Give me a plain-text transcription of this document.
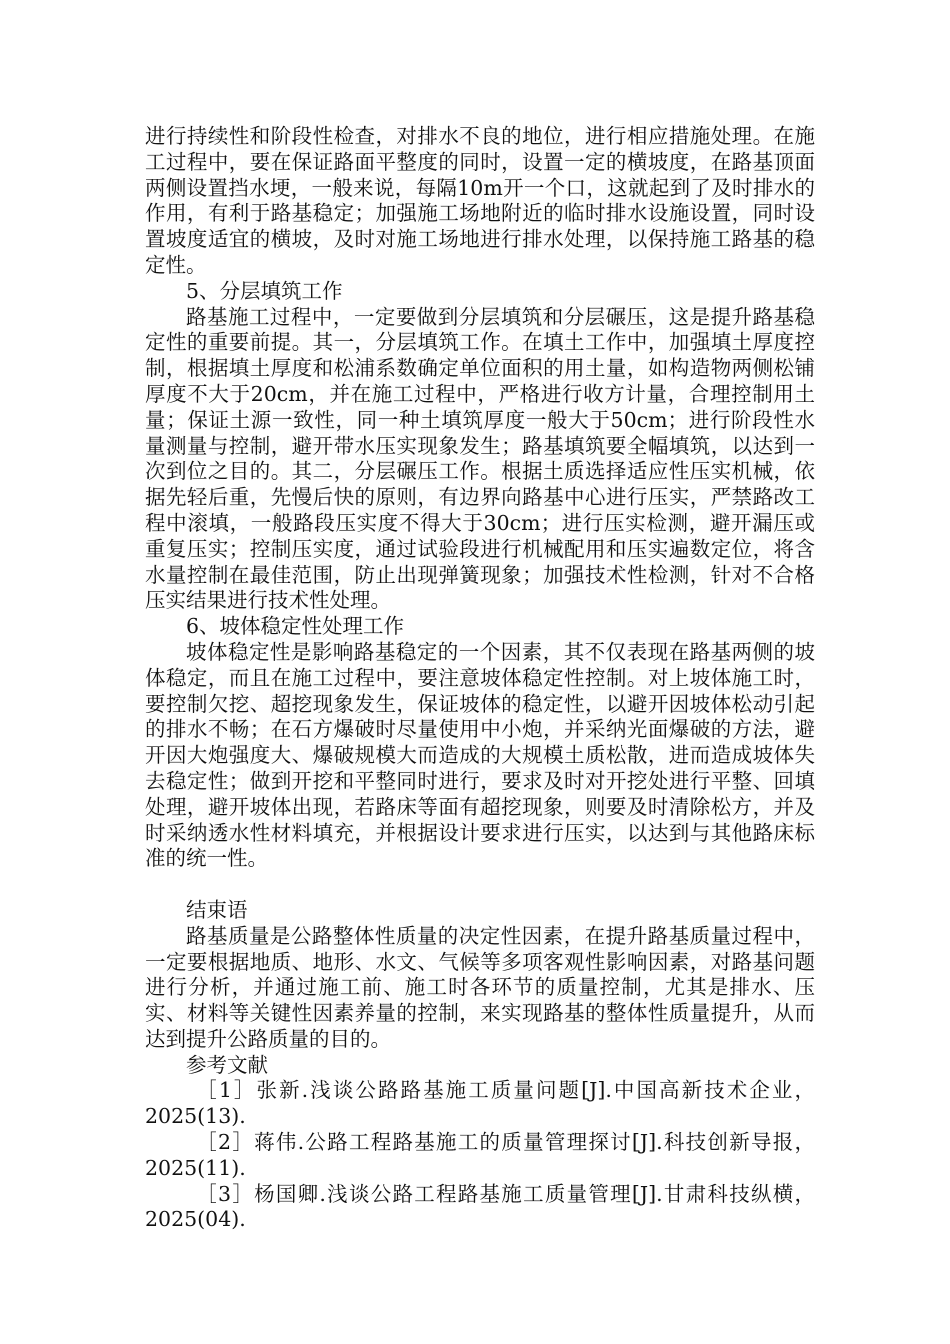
进行持续性和阶段性检查，对排水不良的地位，进行相应措施处理。在施工过程中，要在保证路面平整度的同时，设置一定的横坡度，在路基顶面两侧设置挡水埂，一般来说，每隔10m开一个口，这就起到了及时排水的作用，有利于路基稳定；加强施工场地附近的临时排水设施设置，同时设置坡度适宜的横坡，及时对施工场地进行排水处理，以保持施工路基的稳定性。

5、分层填筑工作

路基施工过程中，一定要做到分层填筑和分层碾压，这是提升路基稳定性的重要前提。其一，分层填筑工作。在填土工作中，加强填土厚度控制，根据填土厚度和松浦系数确定单位面积的用土量，如构造物两侧松铺厚度不大于20cm，并在施工过程中，严格进行收方计量，合理控制用土量；保证土源一致性，同一种土填筑厚度一般大于50cm；进行阶段性水量测量与控制，避开带水压实现象发生；路基填筑要全幅填筑，以达到一次到位之目的。其二，分层碾压工作。根据土质选择适应性压实机械，依据先轻后重，先慢后快的原则，有边界向路基中心进行压实，严禁路改工程中滚填，一般路段压实度不得大于30cm；进行压实检测，避开漏压或重复压实；控制压实度，通过试验段进行机械配用和压实遍数定位，将含水量控制在最佳范围，防止出现弹簧现象；加强技术性检测，针对不合格压实结果进行技术性处理。

6、坡体稳定性处理工作

坡体稳定性是影响路基稳定的一个因素，其不仅表现在路基两侧的坡体稳定，而且在施工过程中，要注意坡体稳定性控制。对上坡体施工时，要控制欠挖、超挖现象发生，保证坡体的稳定性，以避开因坡体松动引起的排水不畅；在石方爆破时尽量使用中小炮，并采纳光面爆破的方法，避开因大炮强度大、爆破规模大而造成的大规模土质松散，进而造成坡体失去稳定性；做到开挖和平整同时进行，要求及时对开挖处进行平整、回填处理，避开坡体出现，若路床等面有超挖现象，则要及时清除松方，并及时采纳透水性材料填充，并根据设计要求进行压实，以达到与其他路床标准的统一性。

结束语

路基质量是公路整体性质量的决定性因素，在提升路基质量过程中，一定要根据地质、地形、水文、气候等多项客观性影响因素，对路基问题进行分析，并通过施工前、施工时各环节的质量控制，尤其是排水、压实、材料等关键性因素养量的控制，来实现路基的整体性质量提升，从而达到提升公路质量的目的。

参考文献

［1］张新.浅谈公路路基施工质量问题[J].中国高新技术企业，2025(13).

［2］蒋伟.公路工程路基施工的质量管理探讨[J].科技创新导报，2025(11).

［3］杨国卿.浅谈公路工程路基施工质量管理[J].甘肃科技纵横，2025(04).
